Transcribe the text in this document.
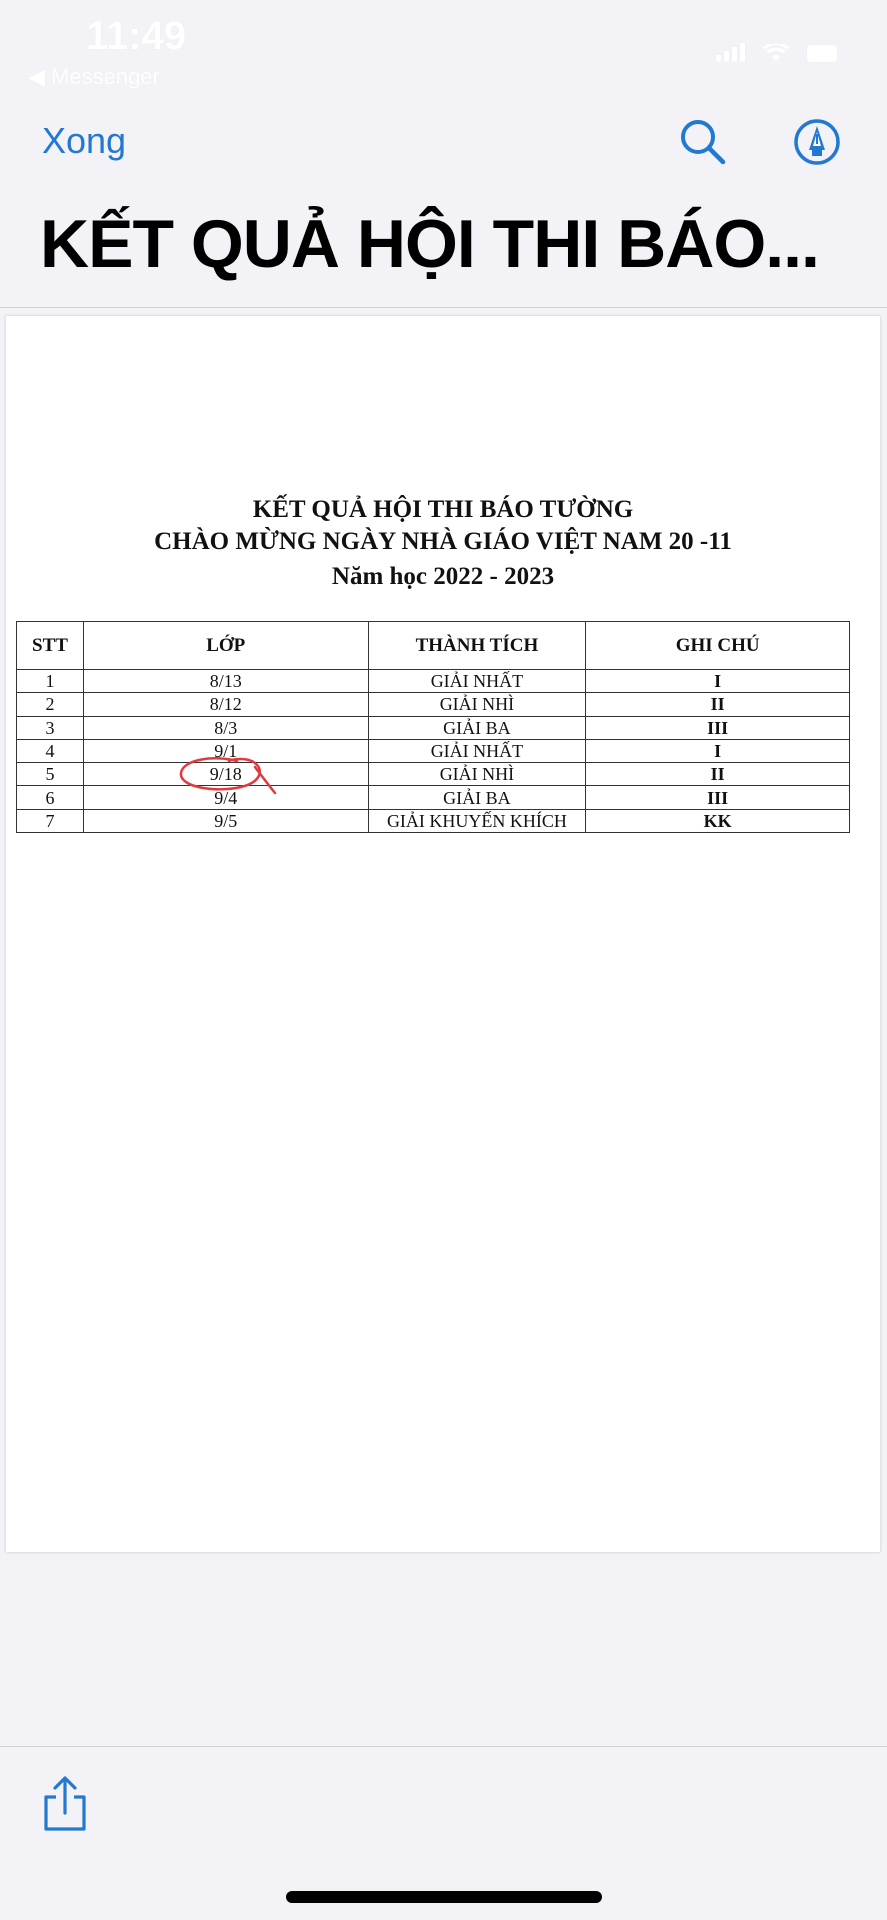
11:49
◀ Messenger
Xong
KẾT QUẢ HỘI THI BÁO...
KẾT QUẢ HỘI THI BÁO TƯỜNG
CHÀO MỪNG NGÀY NHÀ GIÁO VIỆT NAM 20 -11
Năm học 2022 - 2023
STT	LỚP	THÀNH TÍCH	GHI CHÚ
1	8/13	GIẢI NHẤT	I
2	8/12	GIẢI NHÌ	II
3	8/3	GIẢI BA	III
4	9/1	GIẢI NHẤT	I
5	9/18	GIẢI NHÌ	II
6	9/4	GIẢI BA	III
7	9/5	GIẢI KHUYẾN KHÍCH	KK
